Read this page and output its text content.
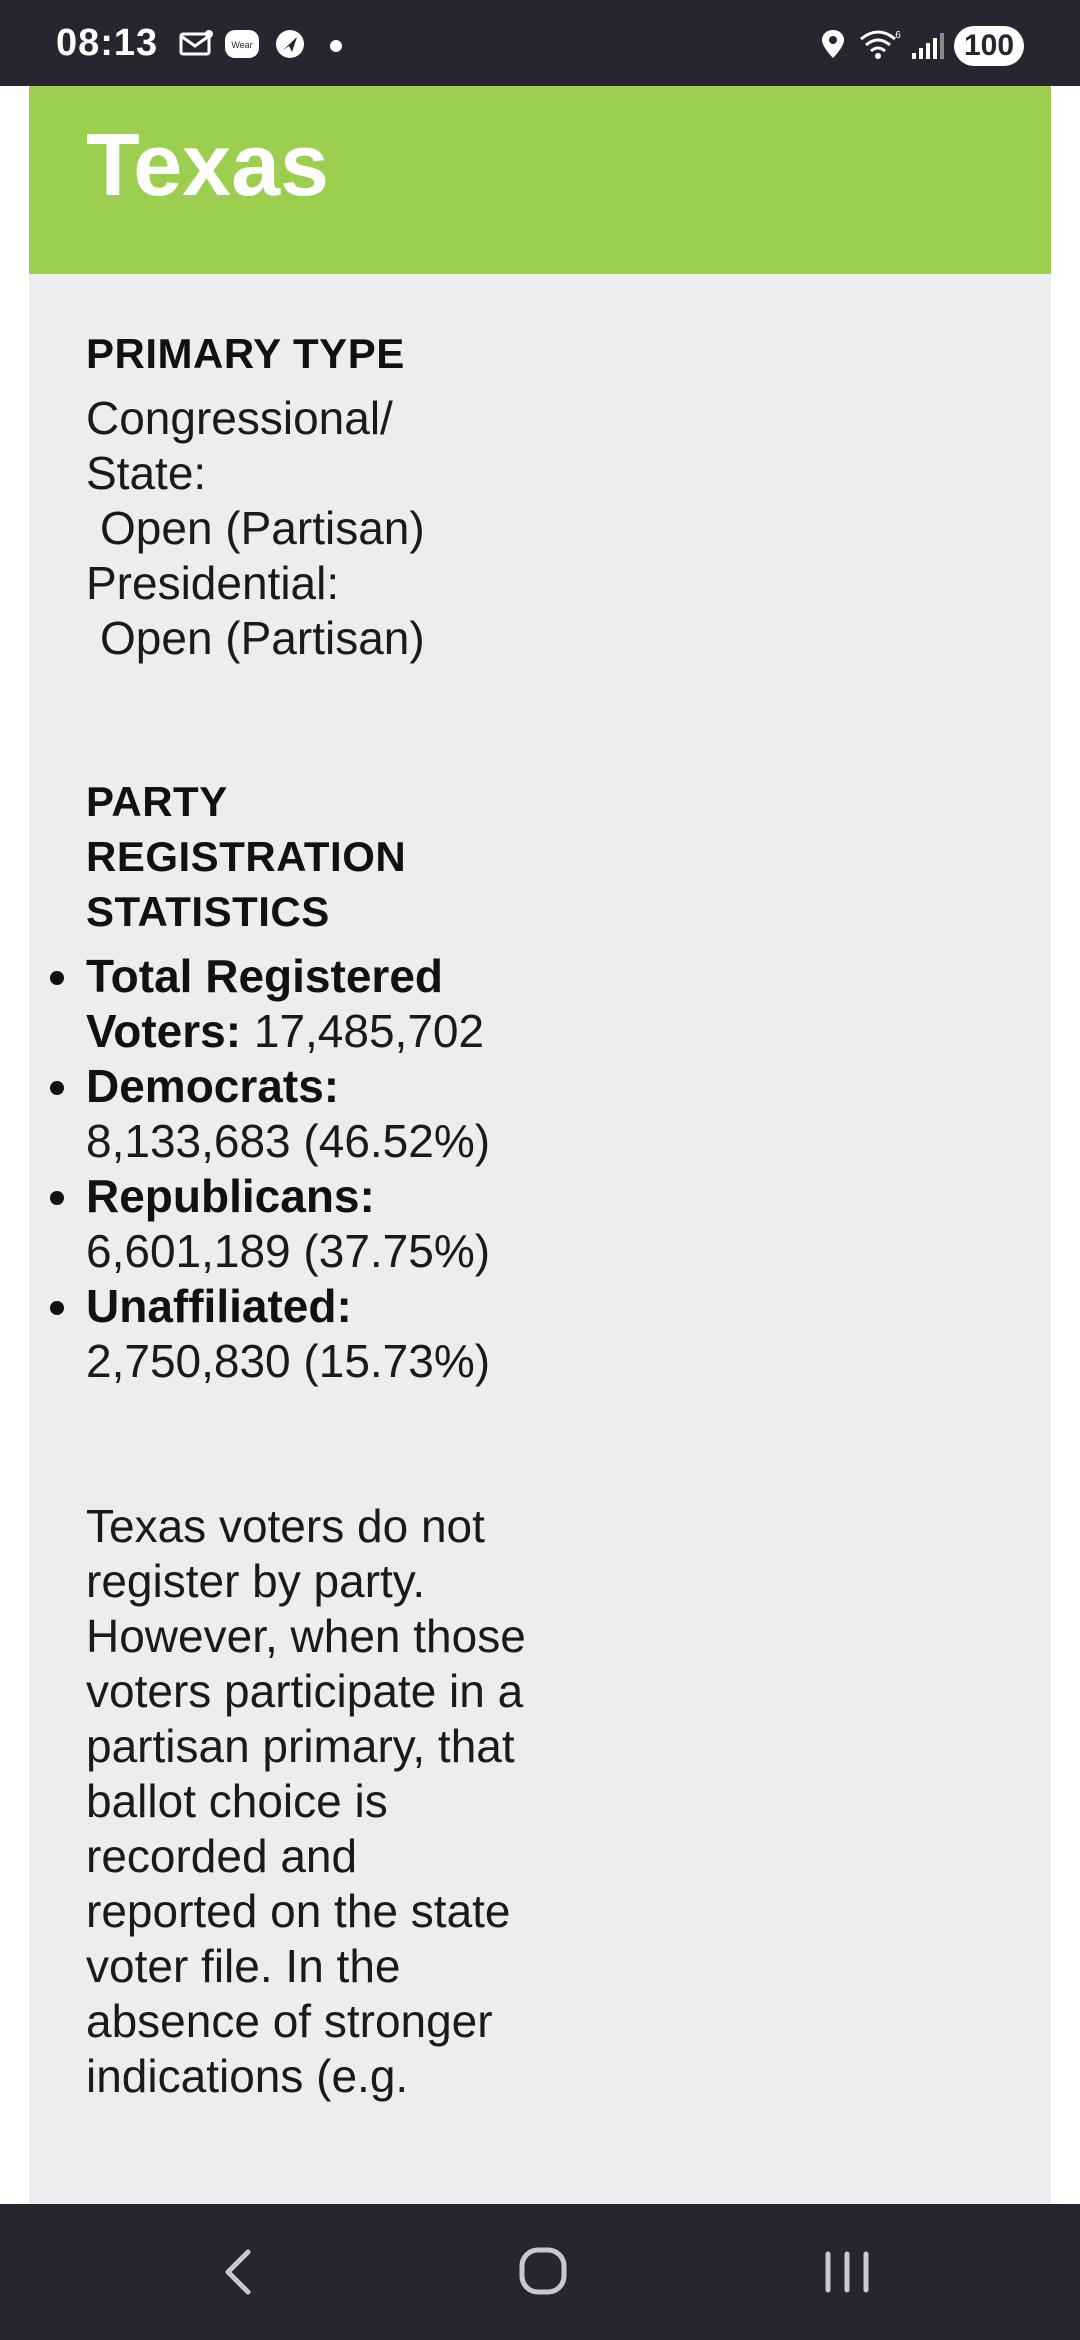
08:13	Wear
6	100
Texas
PRIMARY TYPE
Congressional/
State:
Open (Partisan)
Presidential:
Open (Partisan)
PARTY
REGISTRATION
STATISTICS
Total Registered Voters: 17,485,702
Democrats:
8,133,683 (46.52%)
Republicans:
6,601,189 (37.75%)
Unaffiliated:
2,750,830 (15.73%)

Texas voters do not register by party. However, when those voters participate in a partisan primary, that ballot choice is recorded and reported on the state voter file. In the absence of stronger indications (e.g.
